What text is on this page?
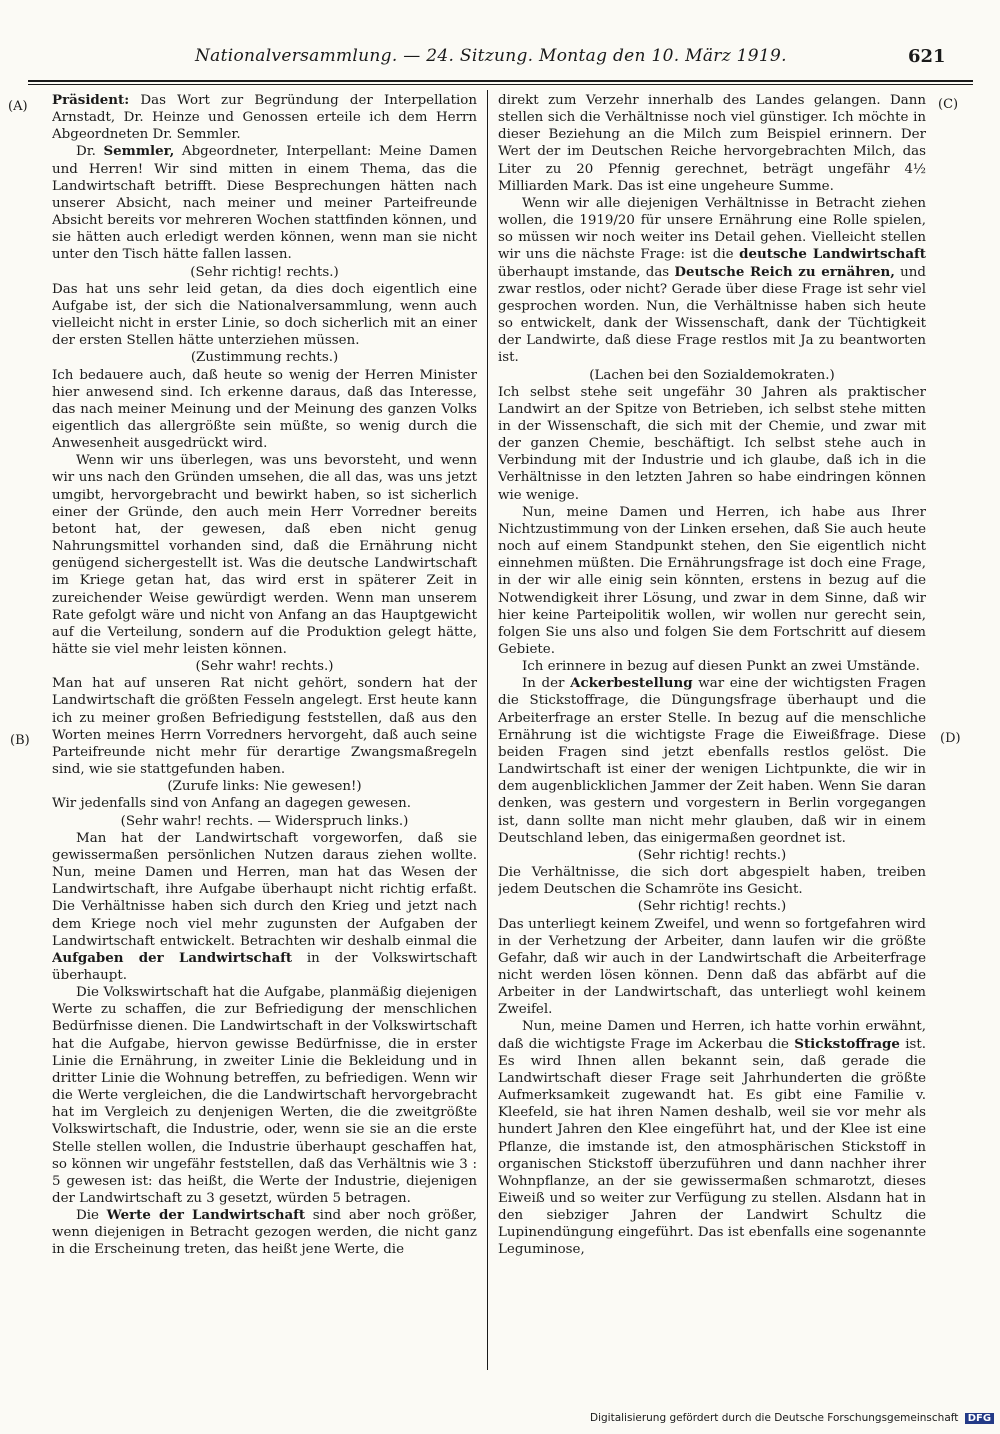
Nationalversammlung. — 24. Sitzung. Montag den 10. März 1919.	621
(A)
(B)
(C)
(D)

Präsident: Das Wort zur Begründung der Interpellation Arnstadt, Dr. Heinze und Genossen erteile ich dem Herrn Abgeordneten Dr. Semmler.

Dr. Semmler, Abgeordneter, Interpellant: Meine Damen und Herren! Wir sind mitten in einem Thema, das die Landwirtschaft betrifft. Diese Besprechungen hätten nach unserer Absicht, nach meiner und meiner Parteifreunde Absicht bereits vor mehreren Wochen stattfinden können, und sie hätten auch erledigt werden können, wenn man sie nicht unter den Tisch hätte fallen lassen.

(Sehr richtig! rechts.)

Das hat uns sehr leid getan, da dies doch eigentlich eine Aufgabe ist, der sich die Nationalversammlung, wenn auch vielleicht nicht in erster Linie, so doch sicherlich mit an einer der ersten Stellen hätte unterziehen müssen.

(Zustimmung rechts.)

Ich bedauere auch, daß heute so wenig der Herren Minister hier anwesend sind. Ich erkenne daraus, daß das Interesse, das nach meiner Meinung und der Meinung des ganzen Volks eigentlich das allergrößte sein müßte, so wenig durch die Anwesenheit ausgedrückt wird.

Wenn wir uns überlegen, was uns bevorsteht, und wenn wir uns nach den Gründen umsehen, die all das, was uns jetzt umgibt, hervorgebracht und bewirkt haben, so ist sicherlich einer der Gründe, den auch mein Herr Vorredner bereits betont hat, der gewesen, daß eben nicht genug Nahrungsmittel vorhanden sind, daß die Ernährung nicht genügend sichergestellt ist. Was die deutsche Landwirtschaft im Kriege getan hat, das wird erst in späterer Zeit in zureichender Weise gewürdigt werden. Wenn man unserem Rate gefolgt wäre und nicht von Anfang an das Hauptgewicht auf die Verteilung, sondern auf die Produktion gelegt hätte, hätte sie viel mehr leisten können.

(Sehr wahr! rechts.)

Man hat auf unseren Rat nicht gehört, sondern hat der Landwirtschaft die größten Fesseln angelegt. Erst heute kann ich zu meiner großen Befriedigung feststellen, daß aus den Worten meines Herrn Vorredners hervorgeht, daß auch seine Parteifreunde nicht mehr für derartige Zwangsmaßregeln sind, wie sie stattgefunden haben.

(Zurufe links: Nie gewesen!)

Wir jedenfalls sind von Anfang an dagegen gewesen.

(Sehr wahr! rechts. — Widerspruch links.)

Man hat der Landwirtschaft vorgeworfen, daß sie gewissermaßen persönlichen Nutzen daraus ziehen wollte. Nun, meine Damen und Herren, man hat das Wesen der Landwirtschaft, ihre Aufgabe überhaupt nicht richtig erfaßt. Die Verhältnisse haben sich durch den Krieg und jetzt nach dem Kriege noch viel mehr zugunsten der Aufgaben der Landwirtschaft entwickelt. Betrachten wir deshalb einmal die Aufgaben der Landwirtschaft in der Volkswirtschaft überhaupt.

Die Volkswirtschaft hat die Aufgabe, planmäßig diejenigen Werte zu schaffen, die zur Befriedigung der menschlichen Bedürfnisse dienen. Die Landwirtschaft in der Volkswirtschaft hat die Aufgabe, hiervon gewisse Bedürfnisse, die in erster Linie die Ernährung, in zweiter Linie die Bekleidung und in dritter Linie die Wohnung betreffen, zu befriedigen. Wenn wir die Werte vergleichen, die die Landwirtschaft hervorgebracht hat im Vergleich zu denjenigen Werten, die die zweitgrößte Volkswirtschaft, die Industrie, oder, wenn sie sie an die erste Stelle stellen wollen, die Industrie überhaupt geschaffen hat, so können wir ungefähr feststellen, daß das Verhältnis wie 3 : 5 gewesen ist: das heißt, die Werte der Industrie, diejenigen der Landwirtschaft zu 3 gesetzt, würden 5 betragen.

Die Werte der Landwirtschaft sind aber noch größer, wenn diejenigen in Betracht gezogen werden, die nicht ganz in die Erscheinung treten, das heißt jene Werte, die

direkt zum Verzehr innerhalb des Landes gelangen. Dann stellen sich die Verhältnisse noch viel günstiger. Ich möchte in dieser Beziehung an die Milch zum Beispiel erinnern. Der Wert der im Deutschen Reiche hervorgebrachten Milch, das Liter zu 20 Pfennig gerechnet, beträgt ungefähr 4½ Milliarden Mark. Das ist eine ungeheure Summe.

Wenn wir alle diejenigen Verhältnisse in Betracht ziehen wollen, die 1919/20 für unsere Ernährung eine Rolle spielen, so müssen wir noch weiter ins Detail gehen. Vielleicht stellen wir uns die nächste Frage: ist die deutsche Landwirtschaft überhaupt imstande, das Deutsche Reich zu ernähren, und zwar restlos, oder nicht? Gerade über diese Frage ist sehr viel gesprochen worden. Nun, die Verhältnisse haben sich heute so entwickelt, dank der Wissenschaft, dank der Tüchtigkeit der Landwirte, daß diese Frage restlos mit Ja zu beantworten ist.

(Lachen bei den Sozialdemokraten.)

Ich selbst stehe seit ungefähr 30 Jahren als praktischer Landwirt an der Spitze von Betrieben, ich selbst stehe mitten in der Wissenschaft, die sich mit der Chemie, und zwar mit der ganzen Chemie, beschäftigt. Ich selbst stehe auch in Verbindung mit der Industrie und ich glaube, daß ich in die Verhältnisse in den letzten Jahren so habe eindringen können wie wenige.

Nun, meine Damen und Herren, ich habe aus Ihrer Nichtzustimmung von der Linken ersehen, daß Sie auch heute noch auf einem Standpunkt stehen, den Sie eigentlich nicht einnehmen müßten. Die Ernährungsfrage ist doch eine Frage, in der wir alle einig sein könnten, erstens in bezug auf die Notwendigkeit ihrer Lösung, und zwar in dem Sinne, daß wir hier keine Parteipolitik wollen, wir wollen nur gerecht sein, folgen Sie uns also und folgen Sie dem Fortschritt auf diesem Gebiete.

Ich erinnere in bezug auf diesen Punkt an zwei Umstände.

In der Ackerbestellung war eine der wichtigsten Fragen die Stickstoffrage, die Düngungsfrage überhaupt und die Arbeiterfrage an erster Stelle. In bezug auf die menschliche Ernährung ist die wichtigste Frage die Eiweißfrage. Diese beiden Fragen sind jetzt ebenfalls restlos gelöst. Die Landwirtschaft ist einer der wenigen Lichtpunkte, die wir in dem augenblicklichen Jammer der Zeit haben. Wenn Sie daran denken, was gestern und vorgestern in Berlin vorgegangen ist, dann sollte man nicht mehr glauben, daß wir in einem Deutschland leben, das einigermaßen geordnet ist.

(Sehr richtig! rechts.)

Die Verhältnisse, die sich dort abgespielt haben, treiben jedem Deutschen die Schamröte ins Gesicht.

(Sehr richtig! rechts.)

Das unterliegt keinem Zweifel, und wenn so fortgefahren wird in der Verhetzung der Arbeiter, dann laufen wir die größte Gefahr, daß wir auch in der Landwirtschaft die Arbeiterfrage nicht werden lösen können. Denn daß das abfärbt auf die Arbeiter in der Landwirtschaft, das unterliegt wohl keinem Zweifel.

Nun, meine Damen und Herren, ich hatte vorhin erwähnt, daß die wichtigste Frage im Ackerbau die Stickstoffrage ist. Es wird Ihnen allen bekannt sein, daß gerade die Landwirtschaft dieser Frage seit Jahrhunderten die größte Aufmerksamkeit zugewandt hat. Es gibt eine Familie v. Kleefeld, sie hat ihren Namen deshalb, weil sie vor mehr als hundert Jahren den Klee eingeführt hat, und der Klee ist eine Pflanze, die imstande ist, den atmosphärischen Stickstoff in organischen Stickstoff überzuführen und dann nachher ihrer Wohnpflanze, an der sie gewissermaßen schmarotzt, dieses Eiweiß und so weiter zur Verfügung zu stellen. Alsdann hat in den siebziger Jahren der Landwirt Schultz die Lupinendüngung eingeführt. Das ist ebenfalls eine sogenannte Leguminose,

Digitalisierung gefördert durch die Deutsche Forschungsgemeinschaft DFG
